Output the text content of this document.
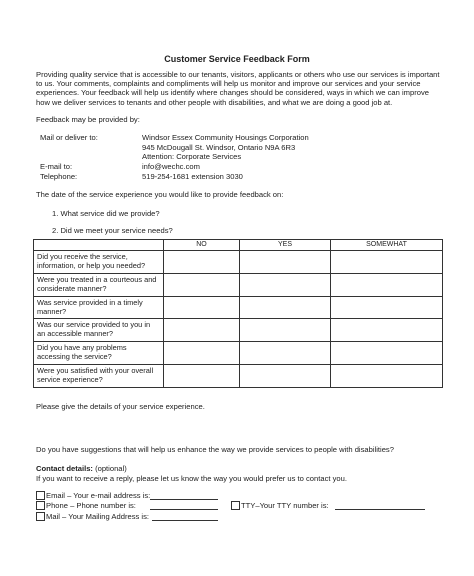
Customer Service Feedback Form
Providing quality service that is accessible to our tenants, visitors, applicants or others who use our services is important to us. Your comments, complaints and compliments will help us monitor and improve our services and your service experiences. Your feedback will help us identify where changes should be considered, ways in which we can improve how we deliver services to tenants and other people with disabilities, and what we are doing a good job at.
Feedback may be provided by:
Mail or deliver to:	Windsor Essex Community Housings Corporation
945 McDougall St. Windsor, Ontario N9A 6R3
Attention: Corporate Services
E-mail to:	info@wechc.com
Telephone:	519-254-1681 extension 3030
The date of the service experience you would like to provide feedback on:
1. What service did we provide?
2. Did we meet your service needs?
	NO	YES	SOMEWHAT
Did you receive the service, information, or help you needed?			
Were you treated in a courteous and considerate manner?			
Was service provided in a timely manner?			
Was our service provided to you in an accessible manner?			
Did you have any problems accessing the service?			
Were you satisfied with your overall service experience?			
Please give the details of your service experience.
Do you have suggestions that will help us enhance the way we provide services to people with disabilities?
Contact details: (optional)
If you want to receive a reply, please let us know the way you would prefer us to contact you.
Email – Your e-mail address is:
Phone – Phone number is:	TTY–Your TTY number is:
Mail – Your Mailing Address is:
